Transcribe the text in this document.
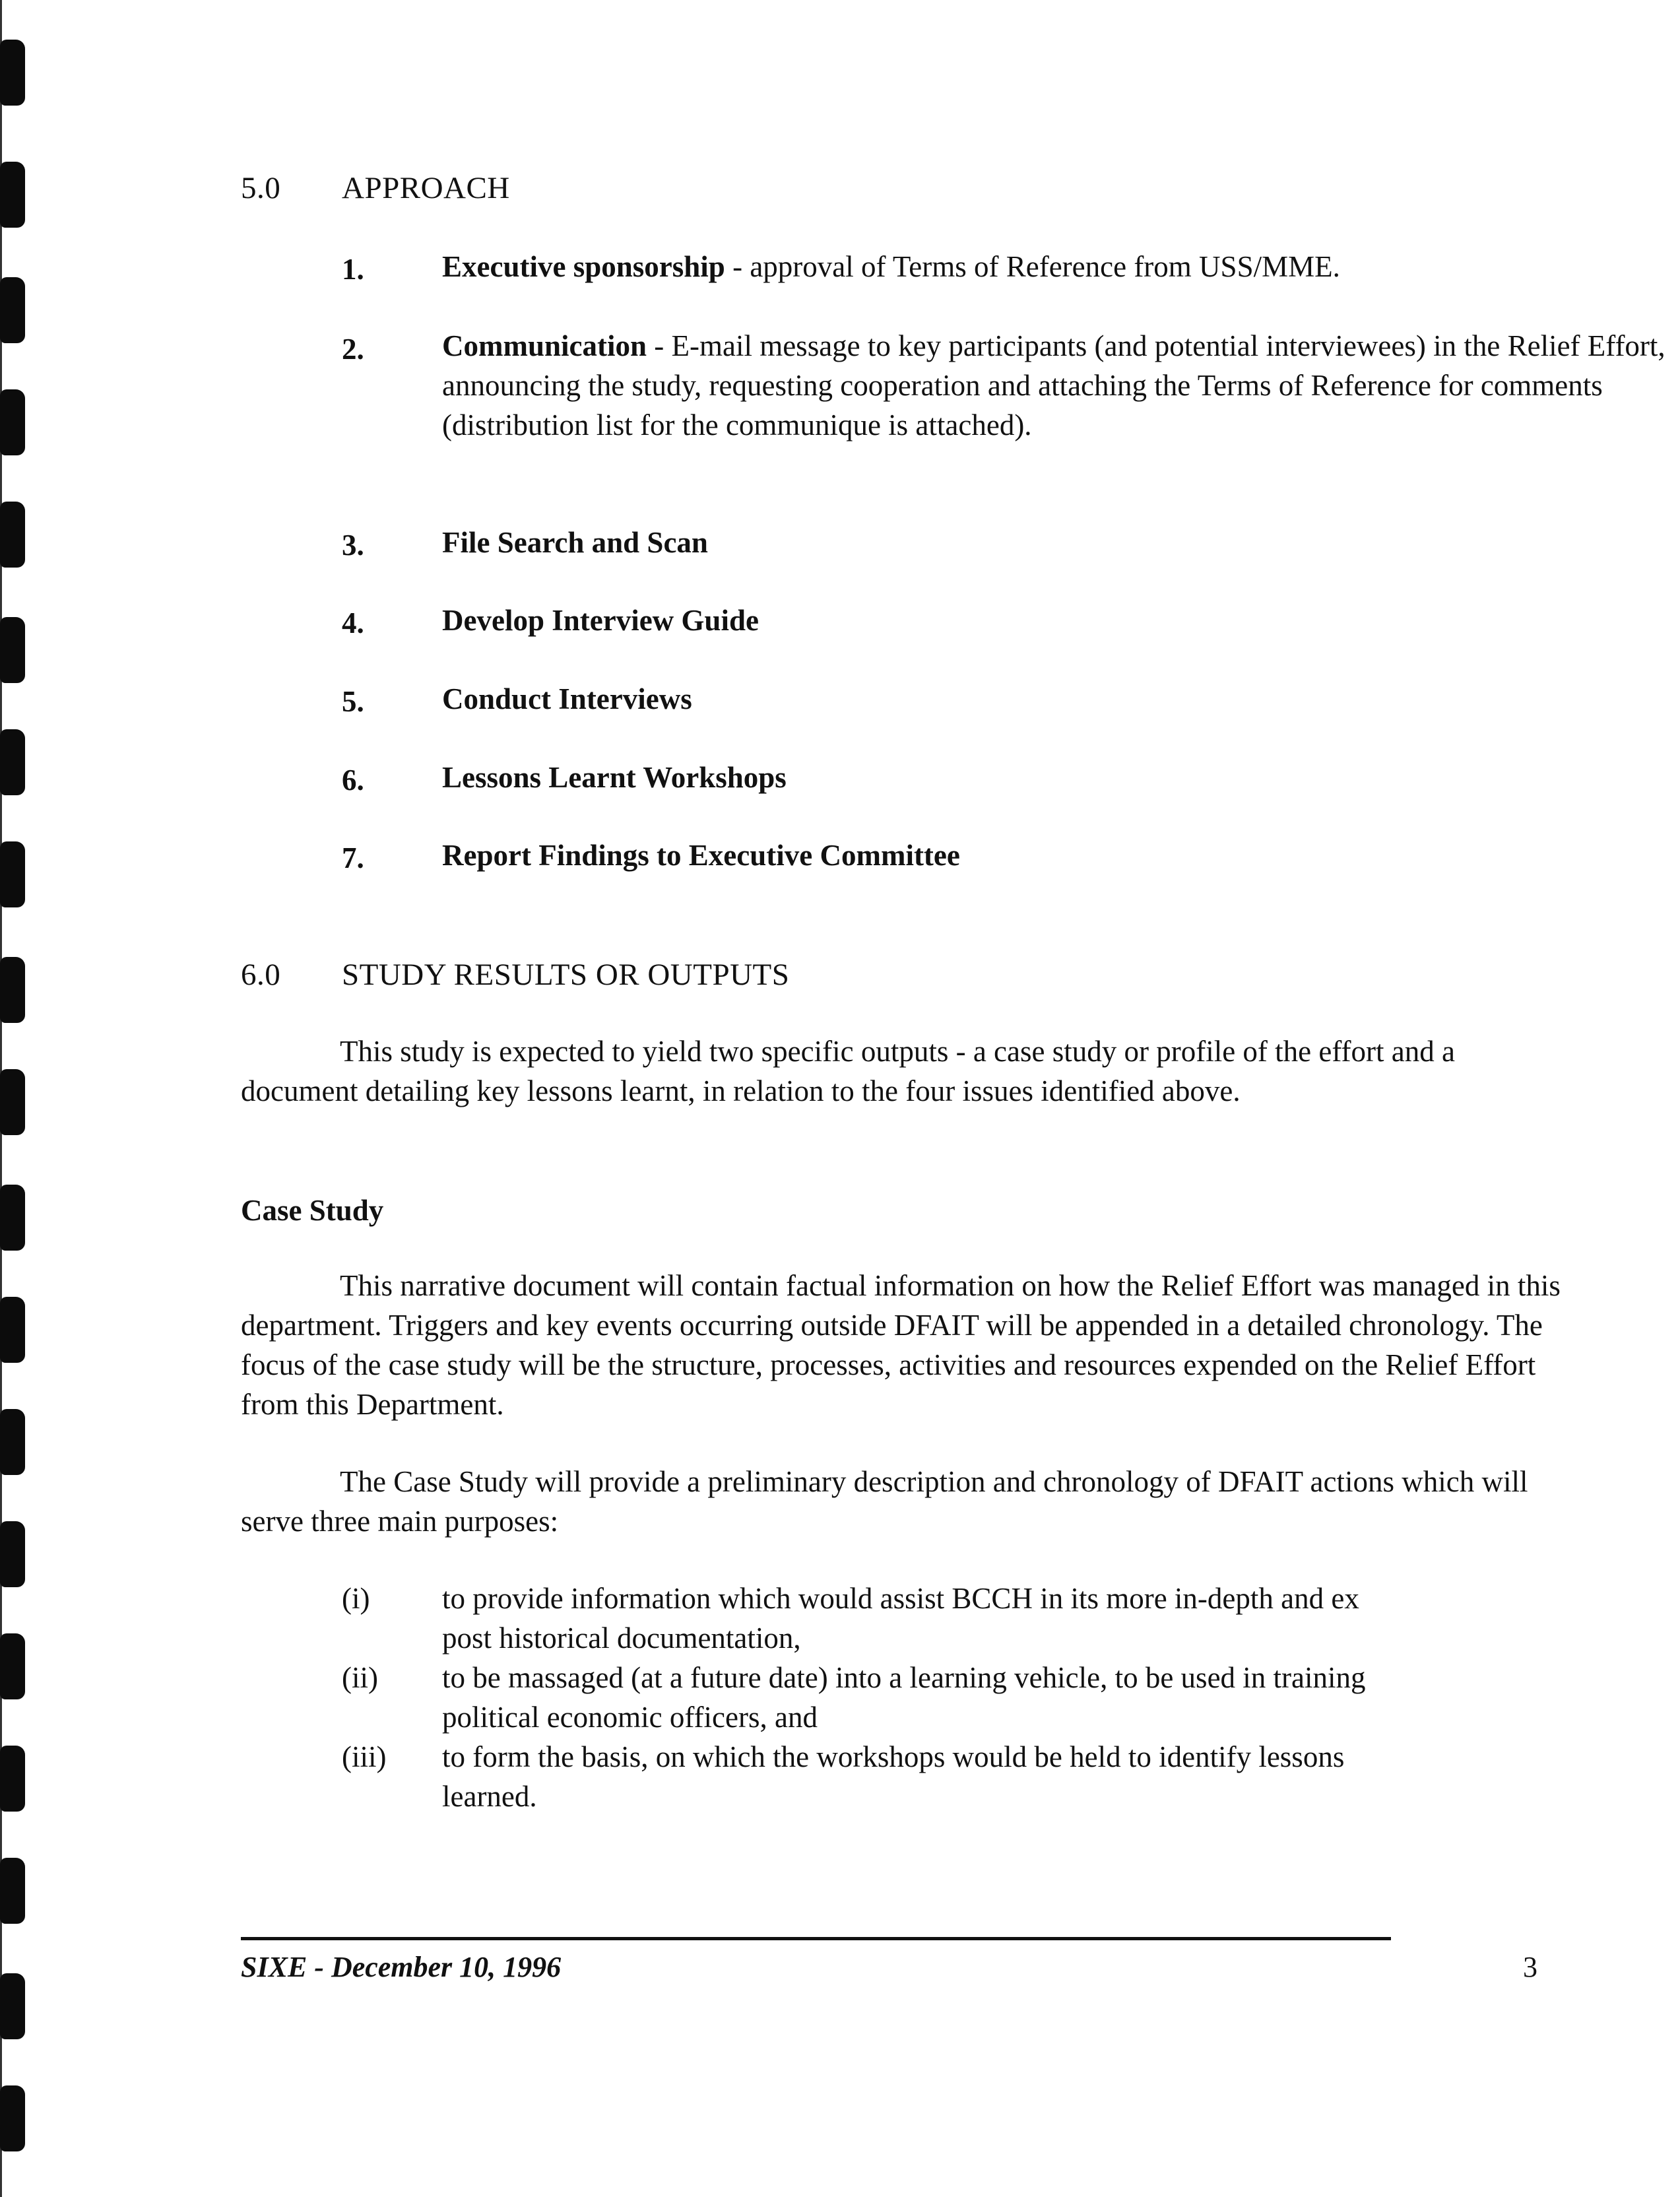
5.0 APPROACH
1.	Executive sponsorship - approval of Terms of Reference from USS/MME.
2.	Communication - E-mail message to key participants (and potential interviewees) in the Relief Effort, announcing the study, requesting cooperation and attaching the Terms of Reference for comments (distribution list for the communique is attached).
3.	File Search and Scan
4.	Develop Interview Guide
5.	Conduct Interviews
6.	Lessons Learnt Workshops
7.	Report Findings to Executive Committee
6.0 STUDY RESULTS OR OUTPUTS
This study is expected to yield two specific outputs - a case study or profile of the effort and a document detailing key lessons learnt, in relation to the four issues identified above.
Case Study
This narrative document will contain factual information on how the Relief Effort was managed in this department. Triggers and key events occurring outside DFAIT will be appended in a detailed chronology. The focus of the case study will be the structure, processes, activities and resources expended on the Relief Effort from this Department.
The Case Study will provide a preliminary description and chronology of DFAIT actions which will serve three main purposes:
(i) to provide information which would assist BCCH in its more in-depth and ex post historical documentation,
(ii) to be massaged (at a future date) into a learning vehicle, to be used in training political economic officers, and
(iii) to form the basis, on which the workshops would be held to identify lessons learned.
SIXE - December 10, 1996	3
